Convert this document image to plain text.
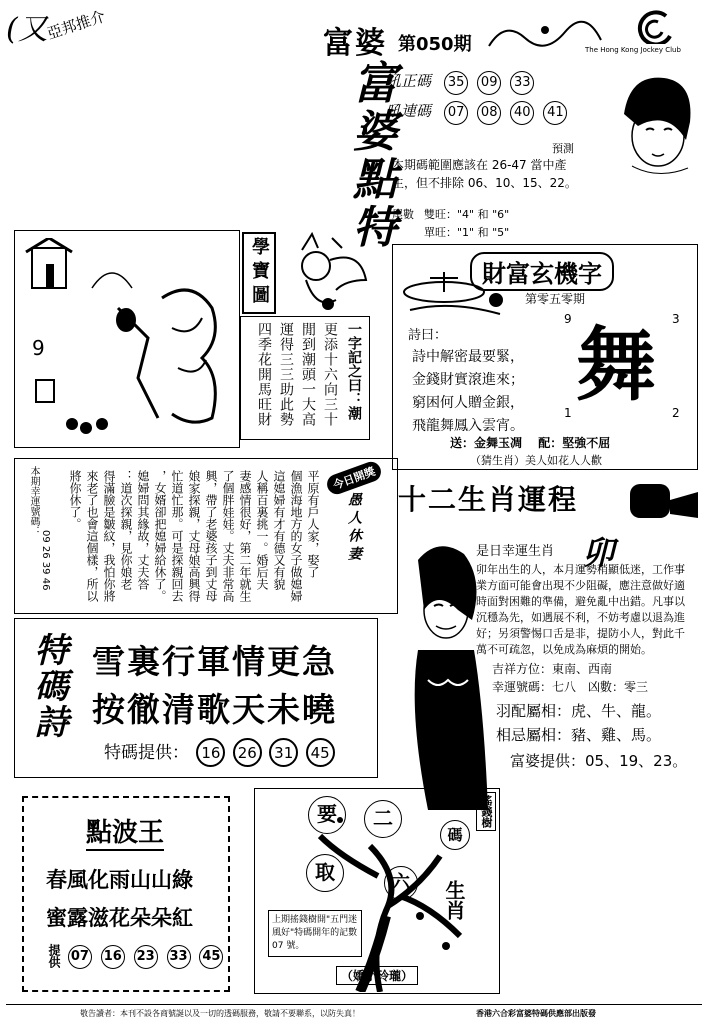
(又
亞邦推介
富婆 第050期	The Hong Kong Jockey Club
富婆點特
吼正碼 35 09 33
吼連碼 07 08 40 41
預測
本期碼範圍應該在 26-47 當中產
生，但不排除 06、10、15、22。
尾數 雙旺："4" 和 "6"
單旺："1" 和 "5"
9
學寶圖
一字記之曰：潮
更添十六向三十
閒到潮頭一大高
運得三三助此勢
四季花開馬旺財
財富玄機字
第零五零期
9	3
1	2
舞
詩曰：
詩中解密最要緊，
金錢財實滾進來；
窮困何人贈金銀，
飛龍舞鳳入雲宵。
送：金舞玉凋 配：堅強不屈
（猜生肖）美人如花人人歡
本期幸運號碼：
09 26 39 46	愚人休妻
今日開獎
平原有戶人家，娶了
個漁海地方的女子做媳婦
這媳婦有才有德又有貌
人稱百裏挑一。婚后夫
妻感情很好，第二年就生
了個胖娃娃。丈夫非常高
興，帶了老婆孩子到丈母
娘家探親，丈母娘高興得
忙道忙那。可是探親回去
，女婿卻把媳婦給休了。
媳婦問其緣故，丈夫答
：道次探親，見你娘老
得滿臉是皺紋，我怕你將
來老了也會這個樣，所以
將你休了。	十二生肖運程
是日幸運生肖 卯
卯年出生的人，本月運勢稍顯低迷，工作事業方面可能會出現不少阻礙，應注意做好適時面對困難的準備，避免亂中出錯。凡事以沉穩為先，如遇展不利，不妨考慮以退為進好；另須警惕口舌是非，提防小人，對此千萬不可疏忽，以免成為麻煩的開始。
吉祥方位：東南、西南
幸運號碼：七八　凶數：零三
羽配屬相：虎、牛、龍。
相忌屬相：豬、雞、馬。
富婆提供：05、19、23。
特碼詩 雪裏行軍情更急
按徹清歌天未曉
特碼提供： 16 26 31 45
點波王
春風化雨山山綠
蜜露滋花朵朵紅
提供 07 16 23 33 45
要	二
碼
取	六
搖錢樹
上期搖錢樹開"五門迷風好"特碼開年的記數 07 號。
生肖
（嬌小玲瓏）
敬告讀者：本刊不設各商號誕以及一切的透碼服務，敬請不要聯系，以防失真！	香港六合彩富婆特碼供應部出版發
